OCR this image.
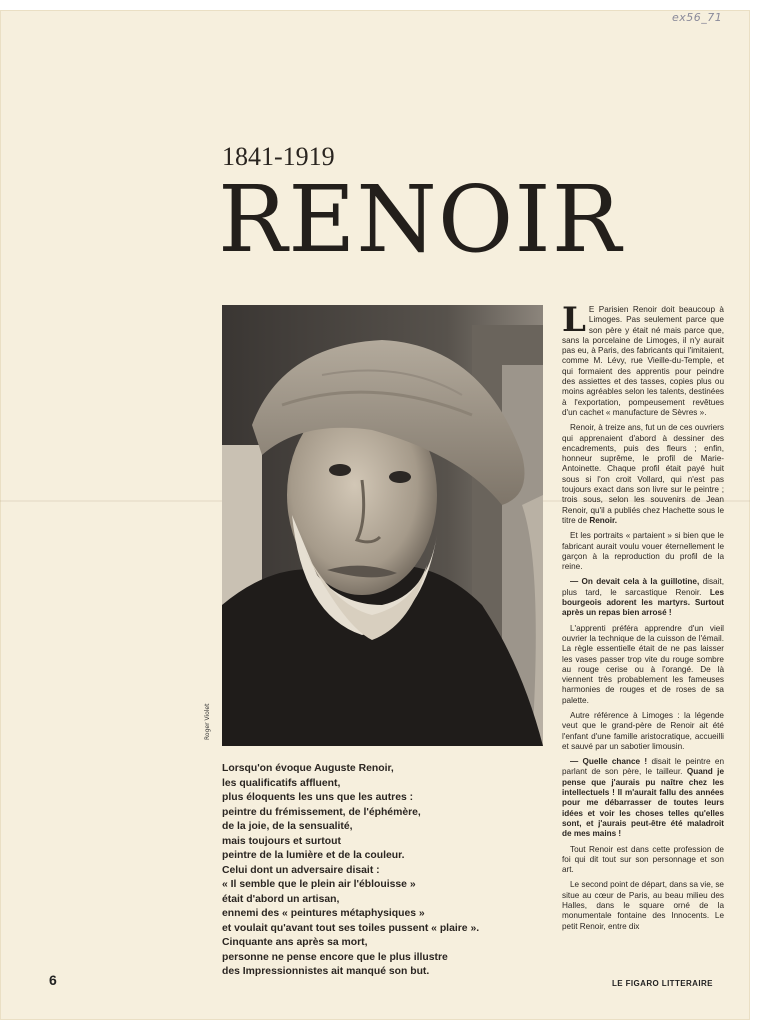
ex56_71
1841-1919
RENOIR
Roger Violet

L E Parisien Renoir doit beaucoup à Limoges. Pas seulement parce que son père y était né mais parce que, sans la porcelaine de Limoges, il n'y aurait pas eu, à Paris, des fabricants qui l'imitaient, comme M. Lévy, rue Vieille-du-Temple, et qui formaient des apprentis pour peindre des assiettes et des tasses, copies plus ou moins agréables selon les talents, destinées à l'exportation, pompeusement revêtues d'un cachet « manufacture de Sèvres ».

Renoir, à treize ans, fut un de ces ouvriers qui apprenaient d'abord à dessiner des encadrements, puis des fleurs ; enfin, honneur suprême, le profil de Marie-Antoinette. Chaque profil était payé huit sous si l'on croit Vollard, qui n'est pas toujours exact dans son livre sur le peintre ; trois sous, selon les souvenirs de Jean Renoir, qu'il a publiés chez Hachette sous le titre de Renoir.

Et les portraits « partaient » si bien que le fabricant aurait voulu vouer éternellement le garçon à la reproduction du profil de la reine.

— On devait cela à la guillotine, disait, plus tard, le sarcastique Renoir. Les bourgeois adorent les martyrs. Surtout après un repas bien arrosé !

L'apprenti préféra apprendre d'un vieil ouvrier la technique de la cuisson de l'émail. La règle essentielle était de ne pas laisser les vases passer trop vite du rouge sombre au rouge cerise ou à l'orangé. De là viennent très probablement les fameuses harmonies de rouges et de roses de sa palette.

Autre référence à Limoges : la légende veut que le grand-père de Renoir ait été l'enfant d'une famille aristocratique, accueilli et sauvé par un sabotier limousin.

— Quelle chance ! disait le peintre en parlant de son père, le tailleur. Quand je pense que j'aurais pu naître chez les intellectuels ! Il m'aurait fallu des années pour me débarrasser de toutes leurs idées et voir les choses telles qu'elles sont, et j'aurais peut-être été maladroit de mes mains !

Tout Renoir est dans cette profession de foi qui dit tout sur son personnage et son art.

Le second point de départ, dans sa vie, se situe au cœur de Paris, au beau milieu des Halles, dans le square orné de la monumentale fontaine des Innocents. Le petit Renoir, entre dix

Lorsqu'on évoque Auguste Renoir,
les qualificatifs affluent,
plus éloquents les uns que les autres :
peintre du frémissement, de l'éphémère,
de la joie, de la sensualité,
mais toujours et surtout
peintre de la lumière et de la couleur.
Celui dont un adversaire disait :
« Il semble que le plein air l'éblouisse »
était d'abord un artisan,
ennemi des « peintures métaphysiques »
et voulait qu'avant tout ses toiles pussent « plaire ».
Cinquante ans après sa mort,
personne ne pense encore que le plus illustre
des Impressionnistes ait manqué son but.
6	LE FIGARO LITTERAIRE
